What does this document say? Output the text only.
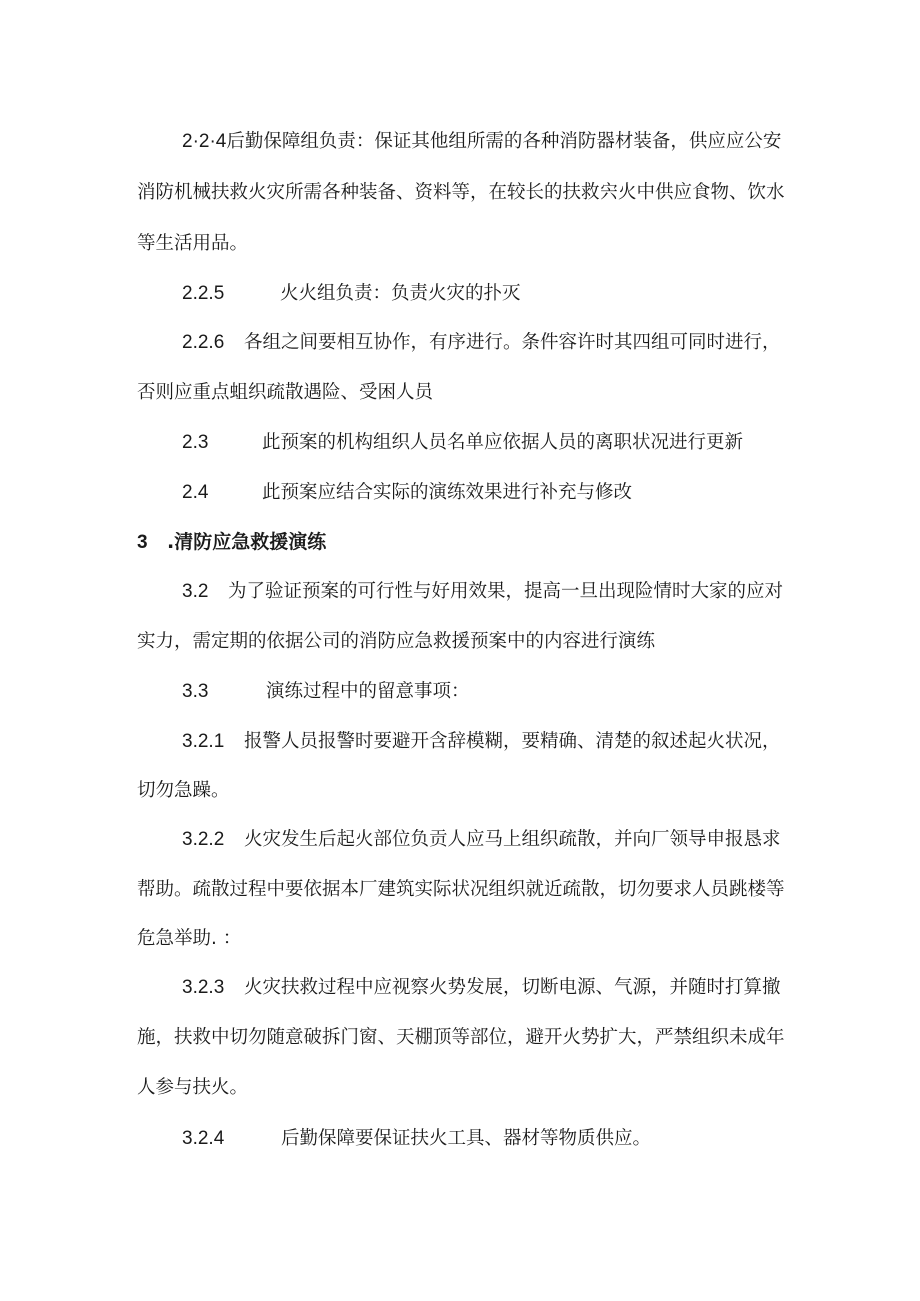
2·2·4后勤保障组负责：保证其他组所需的各种消防器材装备，供应应公安
消防机械扶救火灾所需各种装备、资料等，在较长的扶救宍火中供应食物、饮水
等生活用品。
2.2.5	火火组负责：负责火灾的扑灭
2.2.6 各组之间要相互协作，有序进行。条件容许时其四组可同时进行，
否则应重点蛆织疏散遇险、受困人员
2.3	此预案的机构组织人员名单应依据人员的离职状况进行更新
2.4	此预案应结合实际的演练效果进行补充与修改
3 .清防应急救援演练
3.2 为了验证预案的可行性与好用效果，提高一旦出现险情时大家的应对
实力，需定期的依据公司的消防应急救援预案中的内容进行演练
3.3	演练过程中的留意事项：
3.2.1 报警人员报警时要避开含辞模糊，要精确、清楚的叙述起火状况，
切勿急躁。
3.2.2 火灾发生后起火部位负贡人应马上组织疏散，并向厂领导申报恳求
帮助。疏散过程中要依据本厂建筑实际状况组织就近疏散，切勿要求人员跳楼等
危急举助. ：
3.2.3 火灾扶救过程中应视察火势发展，切断电源、气源，并随时打算撤
施，扶救中切勿随意破拆门窗、天棚顶等部位，避开火势扩大，严禁组织未成年
人参与扶火。
3.2.4	后勤保障要保证扶火工具、器材等物质供应。
